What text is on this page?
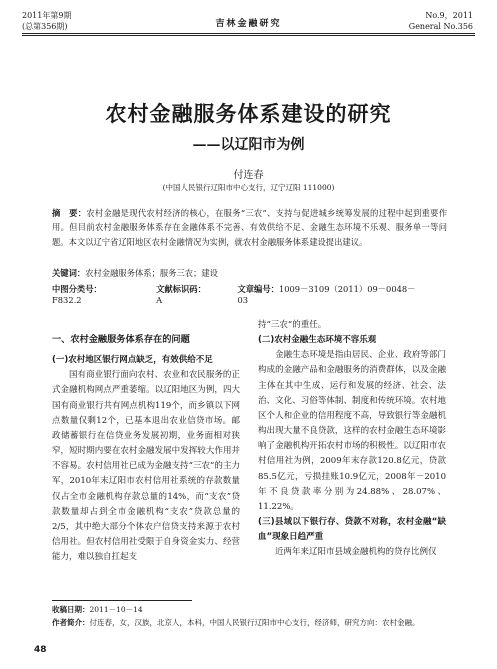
2011年第9期
(总第356期)	吉林金融研究
No.9，2011
General No.356
农村金融服务体系建设的研究
——以辽阳市为例
付连春
(中国人民银行辽阳市中心支行，辽宁辽阳 111000)
摘　要：农村金融是现代农村经济的核心，在服务“三农”、支持与促进城乡统筹发展的过程中起到重要作用。但目前农村金融服务体系存在金融体系不完善、有效供给不足、金融生态环境不乐观、服务单一等问题。本文以辽宁省辽阳地区农村金融情况为实例，就农村金融服务体系建设提出建议。
关键词：农村金融服务体系；服务三农；建设
中图分类号：F832.2
文献标识码：A
文章编号：1009－3109（2011）09－0048－03
一、农村金融服务体系存在的问题
(一)农村地区银行网点缺乏，有效供给不足

国有商业银行面向农村、农业和农民服务的正式金融机构网点严重萎缩。以辽阳地区为例，四大国有商业银行共有网点机构119个，而乡镇以下网点数量仅剩12个，已基本退出农业信贷市场。邮政储蓄银行在信贷业务发展初期，业务面相对狭窄，短时期内要在农村金融发展中发挥较大作用并不容易。农村信用社已成为金融支持“三农”的主力军，2010年末辽阳市农村信用社系统的存款数量仅占全市金融机构存款总量的14%，而“支农”贷款数量却占到全市金融机构“支农”贷款总量的2/5，其中绝大部分个体农户信贷支持来源于农村信用社。但农村信用社受限于自身资金实力、经营能力，难以独自扛起支

持“三农”的重任。

(二)农村金融生态环境不容乐观

金融生态环境是指由居民、企业、政府等部门构成的金融产品和金融服务的消费群体，以及金融主体在其中生成、运行和发展的经济、社会、法治、文化、习俗等体制、制度和传统环境。农村地区个人和企业的信用程度不高，导致银行等金融机构出现大量不良贷款，这样的农村金融生态环境影响了金融机构开拓农村市场的积极性。以辽阳市农村信用社为例，2009年末存款120.8亿元，贷款85.5亿元，亏损挂账10.9亿元，2008年－2010年不良贷款率分别为24.88%、28.07%、11.22%。

(三)县域以下银行存、贷款不对称，农村金融“缺血”现象日趋严重

近两年来辽阳市县域金融机构的贷存比例仅

收稿日期：2011－10－14
作者简介：付连春，女，汉族，北京人，本科，中国人民银行辽阳市中心支行，经济师，研究方向：农村金融。
48
